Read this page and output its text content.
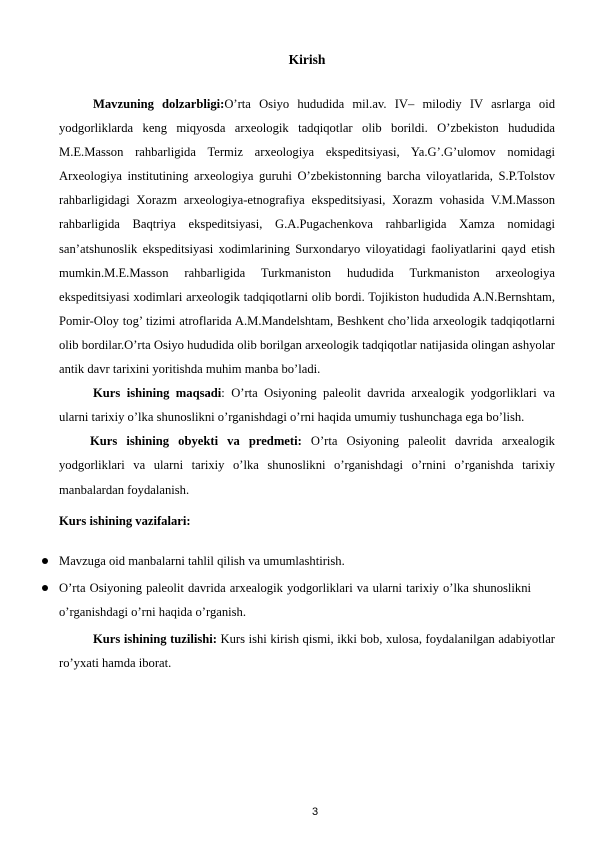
Kirish

Mavzuning dolzarbligi:O’rta Osiyo hududida mil.av. IV– milodiy IV asrlarga oid yodgorliklarda keng miqyosda arxeologik tadqiqotlar olib borildi. O’zbekiston hududida M.E.Masson rahbarligida Termiz arxeologiya ekspeditsiyasi, Ya.G’.G’ulomov nomidagi Arxeologiya institutining arxeologiya guruhi O’zbekistonning barcha viloyatlarida, S.P.Tolstov rahbarligidagi Xorazm arxeologiya-etnografiya ekspeditsiyasi, Xorazm vohasida V.M.Masson rahbarligida Baqtriya ekspeditsiyasi, G.A.Pugachenkova rahbarligida Xamza nomidagi san’atshunoslik ekspeditsiyasi xodimlarining Surxondaryo viloyatidagi faoliyatlarini qayd etish mumkin.M.E.Masson rahbarligida Turkmaniston hududida Turkmaniston arxeologiya ekspeditsiyasi xodimlari arxeologik tadqiqotlarni olib bordi. Tojikiston hududida A.N.Bernshtam, Pomir-Oloy tog’ tizimi atroflarida A.M.Mandelshtam, Beshkent cho’lida arxeologik tadqiqotlarni olib bordilar.O’rta Osiyo hududida olib borilgan arxeologik tadqiqotlar natijasida olingan ashyolar antik davr tarixini yoritishda muhim manba bo’ladi.

Kurs ishining maqsadi: O’rta Osiyoning paleolit davrida arxealogik yodgorliklari va ularni tarixiy o’lka shunoslikni o’rganishdagi o’rni haqida umumiy tushunchaga ega bo’lish.

Kurs ishining obyekti va predmeti: O’rta Osiyoning paleolit davrida arxealogik yodgorliklari va ularni tarixiy o’lka shunoslikni o’rganishdagi o’rnini o’rganishda tarixiy manbalardan foydalanish.

Kurs ishining vazifalari:

Mavzuga oid manbalarni tahlil qilish va umumlashtirish.
O’rta Osiyoning paleolit davrida arxealogik yodgorliklari va ularni tarixiy o’lka shunoslikni o’rganishdagi o’rni haqida o’rganish.

Kurs ishining tuzilishi: Kurs ishi kirish qismi, ikki bob, xulosa, foydalanilgan adabiyotlar ro’yxati hamda iborat.

3
